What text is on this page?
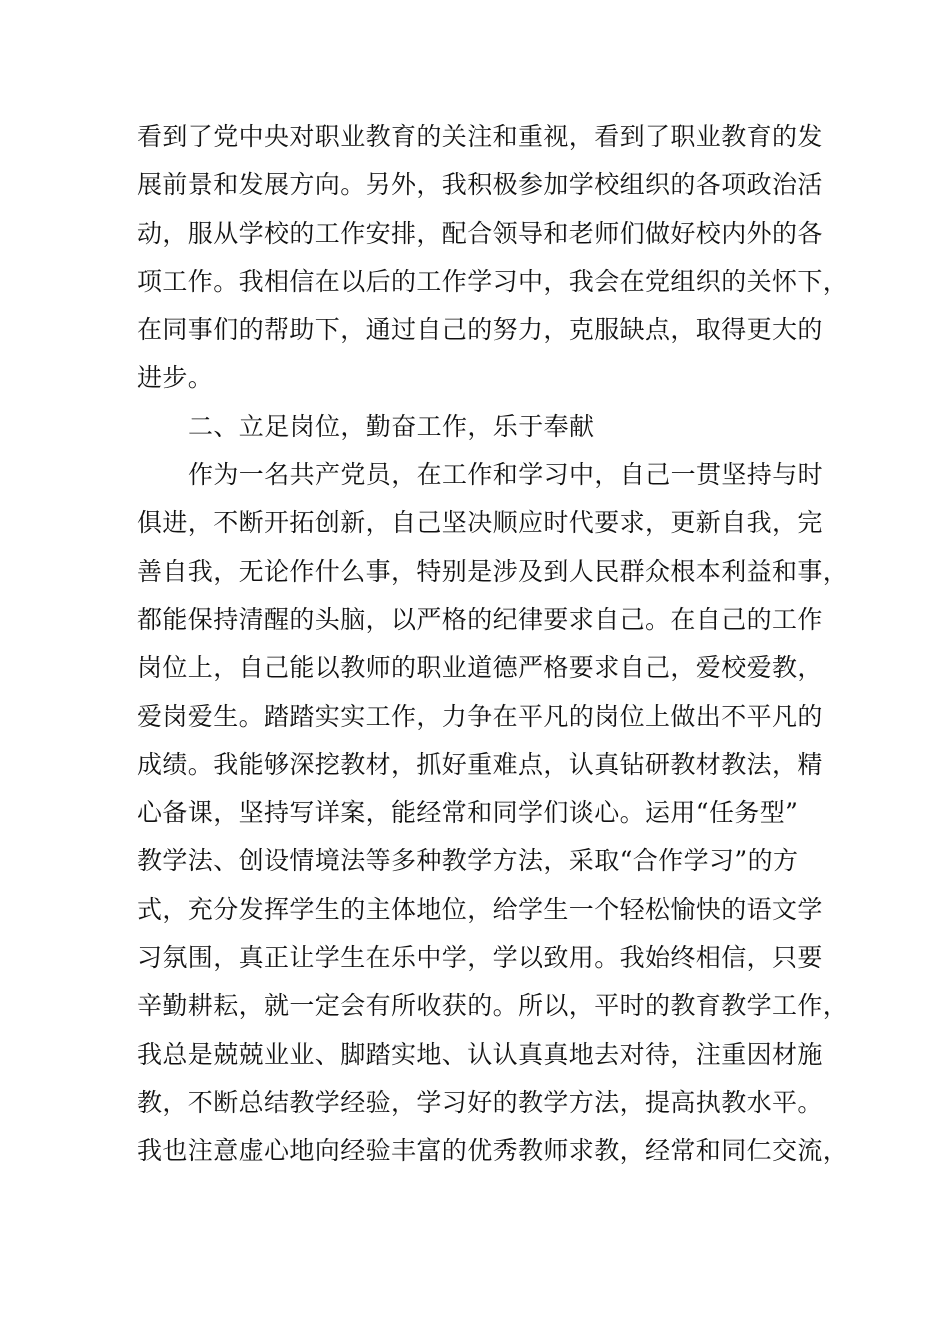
看到了党中央对职业教育的关注和重视，看到了职业教育的发
展前景和发展方向。另外，我积极参加学校组织的各项政治活
动，服从学校的工作安排，配合领导和老师们做好校内外的各
项工作。我相信在以后的工作学习中，我会在党组织的关怀下，
在同事们的帮助下，通过自己的努力，克服缺点，取得更大的
进步。
二、立足岗位，勤奋工作，乐于奉献
作为一名共产党员，在工作和学习中，自己一贯坚持与时
俱进，不断开拓创新，自己坚决顺应时代要求，更新自我，完
善自我，无论作什么事，特别是涉及到人民群众根本利益和事，
都能保持清醒的头脑，以严格的纪律要求自己。在自己的工作
岗位上，自己能以教师的职业道德严格要求自己，爱校爱教，
爱岗爱生。踏踏实实工作，力争在平凡的岗位上做出不平凡的
成绩。我能够深挖教材，抓好重难点，认真钻研教材教法，精
心备课，坚持写详案，能经常和同学们谈心。运用“任务型”
教学法、创设情境法等多种教学方法，采取“合作学习”的方
式，充分发挥学生的主体地位，给学生一个轻松愉快的语文学
习氛围，真正让学生在乐中学，学以致用。我始终相信，只要
辛勤耕耘，就一定会有所收获的。所以，平时的教育教学工作，
我总是兢兢业业、脚踏实地、认认真真地去对待，注重因材施
教，不断总结教学经验，学习好的教学方法，提高执教水平。
我也注意虚心地向经验丰富的优秀教师求教，经常和同仁交流，
